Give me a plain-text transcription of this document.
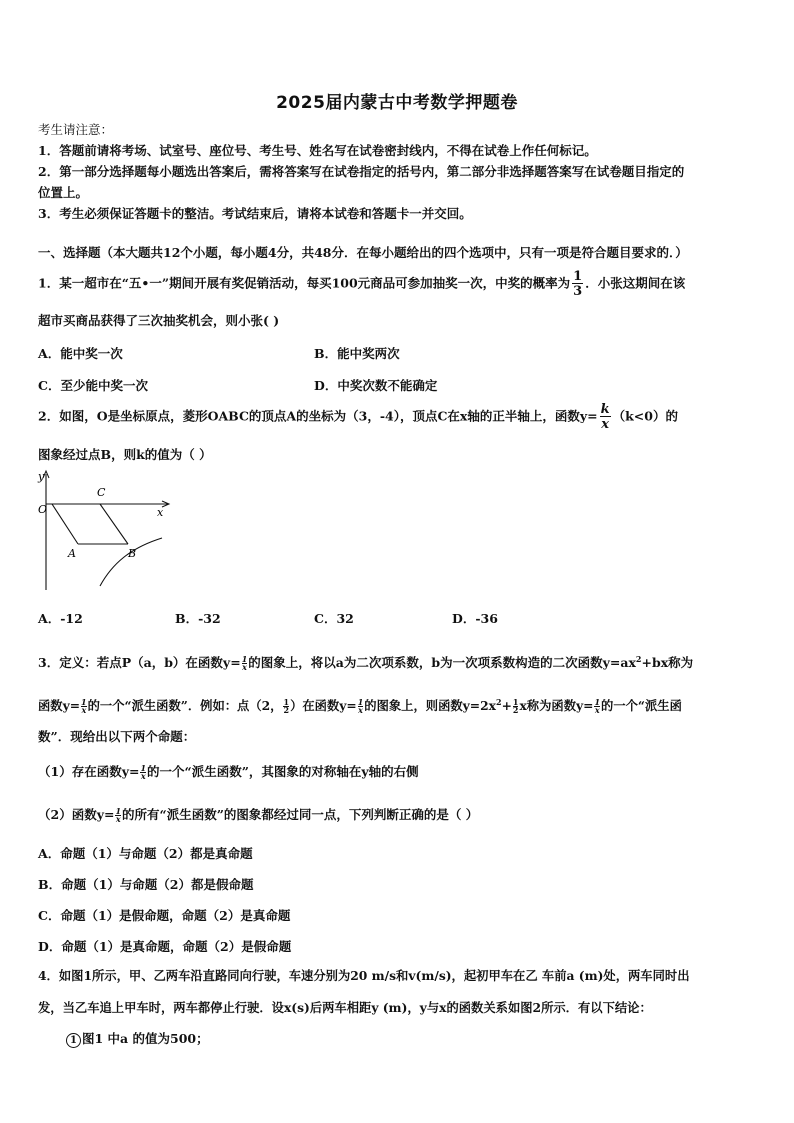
2025届内蒙古中考数学押题卷
考生请注意：
1．答题前请将考场、试室号、座位号、考生号、姓名写在试卷密封线内，不得在试卷上作任何标记。
2．第一部分选择题每小题选出答案后，需将答案写在试卷指定的括号内，第二部分非选择题答案写在试卷题目指定的
位置上。
3．考生必须保证答题卡的整洁。考试结束后，请将本试卷和答题卡一并交回。
一、选择题（本大题共12个小题，每小题4分，共48分．在每小题给出的四个选项中，只有一项是符合题目要求的．）
1．某一超市在“五•一”期间开展有奖促销活动，每买100元商品可参加抽奖一次，中奖的概率为 $\frac{1}{3}$ ．小张这期间在该
超市买商品获得了三次抽奖机会，则小张( )
A．能中奖一次	B．能中奖两次
C．至少能中奖一次	D．中奖次数不能确定
2．如图，O是坐标原点，菱形OABC的顶点A的坐标为（3，-4），顶点C在x轴的正半轴上，函数$y= \frac{k}{x} (k<0)$的
图象经过点B，则k的值为（ ）
y
x
O
A	B
C
A．-12	B．-32	C．32	D．-36
3．定义：若点P（a，b）在函数$y= \frac{1}{x}$ 的图象上，将以a为二次项系数，b为一次项系数构造的二次函数$y=ax^2+bx$称为
函数$y= \frac{1}{x}$ 的一个“派生函数”．例如：点（2， $\frac{1}{2}$ ）在函数$y= \frac{1}{x}$ 的图象上，则函数$y=2x^2+ \frac{1}{2}$ x称为函数$y= \frac{1}{x}$ 的一个“派生函
数”．现给出以下两个命题：
（1）存在函数$y= \frac{1}{x}$ 的一个“派生函数”，其图象的对称轴在y轴的右侧
（2）函数$y= \frac{1}{x}$ 的所有“派生函数”的图象都经过同一点，下列判断正确的是（ ）
A．命题（1）与命题（2）都是真命题
B．命题（1）与命题（2）都是假命题
C．命题（1）是假命题，命题（2）是真命题
D．命题（1）是真命题，命题（2）是假命题
4．如图1所示，甲、乙两车沿直路同向行驶，车速分别为20 m/s和v(m/s)，起初甲车在乙 车前a (m)处，两车同时出
发，当乙车追上甲车时，两车都停止行驶．设x(s)后两车相距y (m)，y与x的函数关系如图2所示．有以下结论：
1 图1 中a 的值为500；
